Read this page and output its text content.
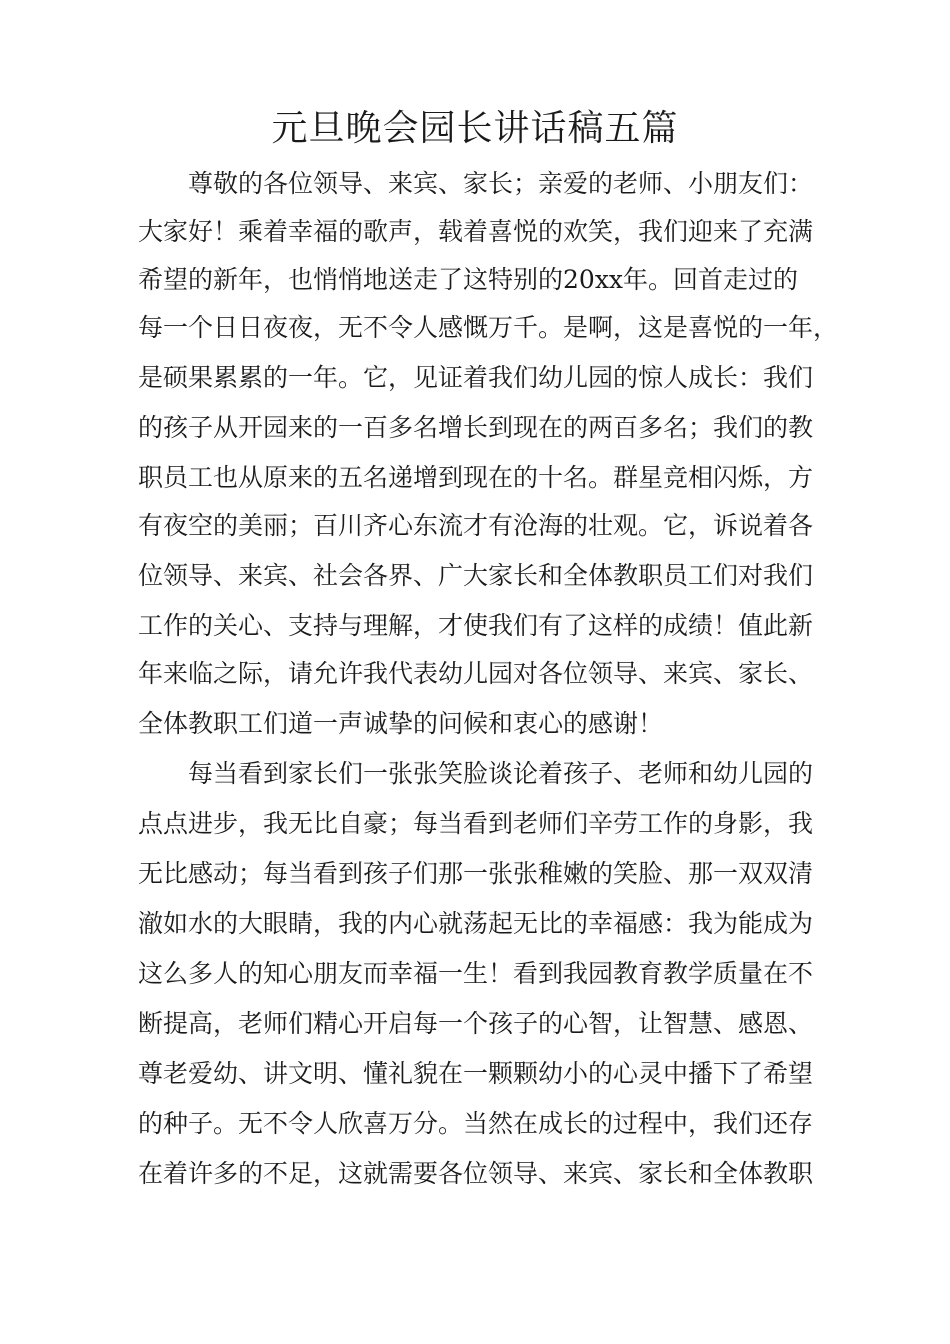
元旦晚会园长讲话稿五篇
尊敬的各位领导、来宾、家长；亲爱的老师、小朋友们：
大家好！乘着幸福的歌声，载着喜悦的欢笑，我们迎来了充满
希望的新年，也悄悄地送走了这特别的20xx年。回首走过的
每一个日日夜夜，无不令人感慨万千。是啊，这是喜悦的一年，
是硕果累累的一年。它，见证着我们幼儿园的惊人成长：我们
的孩子从开园来的一百多名增长到现在的两百多名；我们的教
职员工也从原来的五名递增到现在的十名。群星竞相闪烁，方
有夜空的美丽；百川齐心东流才有沧海的壮观。它，诉说着各
位领导、来宾、社会各界、广大家长和全体教职员工们对我们
工作的关心、支持与理解，才使我们有了这样的成绩！值此新
年来临之际，请允许我代表幼儿园对各位领导、来宾、家长、
全体教职工们道一声诚挚的问候和衷心的感谢！
每当看到家长们一张张笑脸谈论着孩子、老师和幼儿园的
点点进步，我无比自豪；每当看到老师们辛劳工作的身影，我
无比感动；每当看到孩子们那一张张稚嫩的笑脸、那一双双清
澈如水的大眼睛，我的内心就荡起无比的幸福感：我为能成为
这么多人的知心朋友而幸福一生！看到我园教育教学质量在不
断提高，老师们精心开启每一个孩子的心智，让智慧、感恩、
尊老爱幼、讲文明、懂礼貌在一颗颗幼小的心灵中播下了希望
的种子。无不令人欣喜万分。当然在成长的过程中，我们还存
在着许多的不足，这就需要各位领导、来宾、家长和全体教职
